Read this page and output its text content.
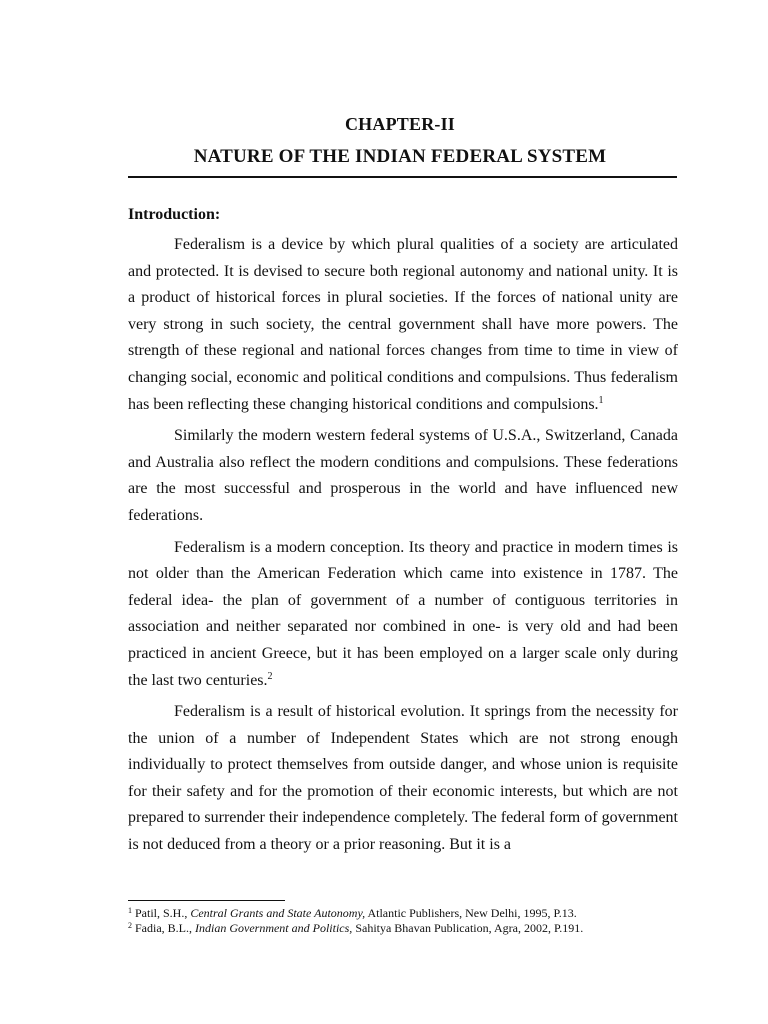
CHAPTER-II
NATURE OF THE INDIAN FEDERAL SYSTEM
Introduction:

Federalism is a device by which plural qualities of a society are articulated and protected. It is devised to secure both regional autonomy and national unity. It is a product of historical forces in plural societies. If the forces of national unity are very strong in such society, the central government shall have more powers. The strength of these regional and national forces changes from time to time in view of changing social, economic and political conditions and compulsions. Thus federalism has been reflecting these changing historical conditions and compulsions.$^1$

Similarly the modern western federal systems of U.S.A., Switzerland, Canada and Australia also reflect the modern conditions and compulsions. These federations are the most successful and prosperous in the world and have influenced new federations.

Federalism is a modern conception. Its theory and practice in modern times is not older than the American Federation which came into existence in 1787. The federal idea- the plan of government of a number of contiguous territories in association and neither separated nor combined in one- is very old and had been practiced in ancient Greece, but it has been employed on a larger scale only during the last two centuries.$^2$

Federalism is a result of historical evolution. It springs from the necessity for the union of a number of Independent States which are not strong enough individually to protect themselves from outside danger, and whose union is requisite for their safety and for the promotion of their economic interests, but which are not prepared to surrender their independence completely. The federal form of government is not deduced from a theory or a prior reasoning. But it is a

$^1$ Patil, S.H., Central Grants and State Autonomy, Atlantic Publishers, New Delhi, 1995, P.13.
$^2$ Fadia, B.L., Indian Government and Politics, Sahitya Bhavan Publication, Agra, 2002, P.191.
